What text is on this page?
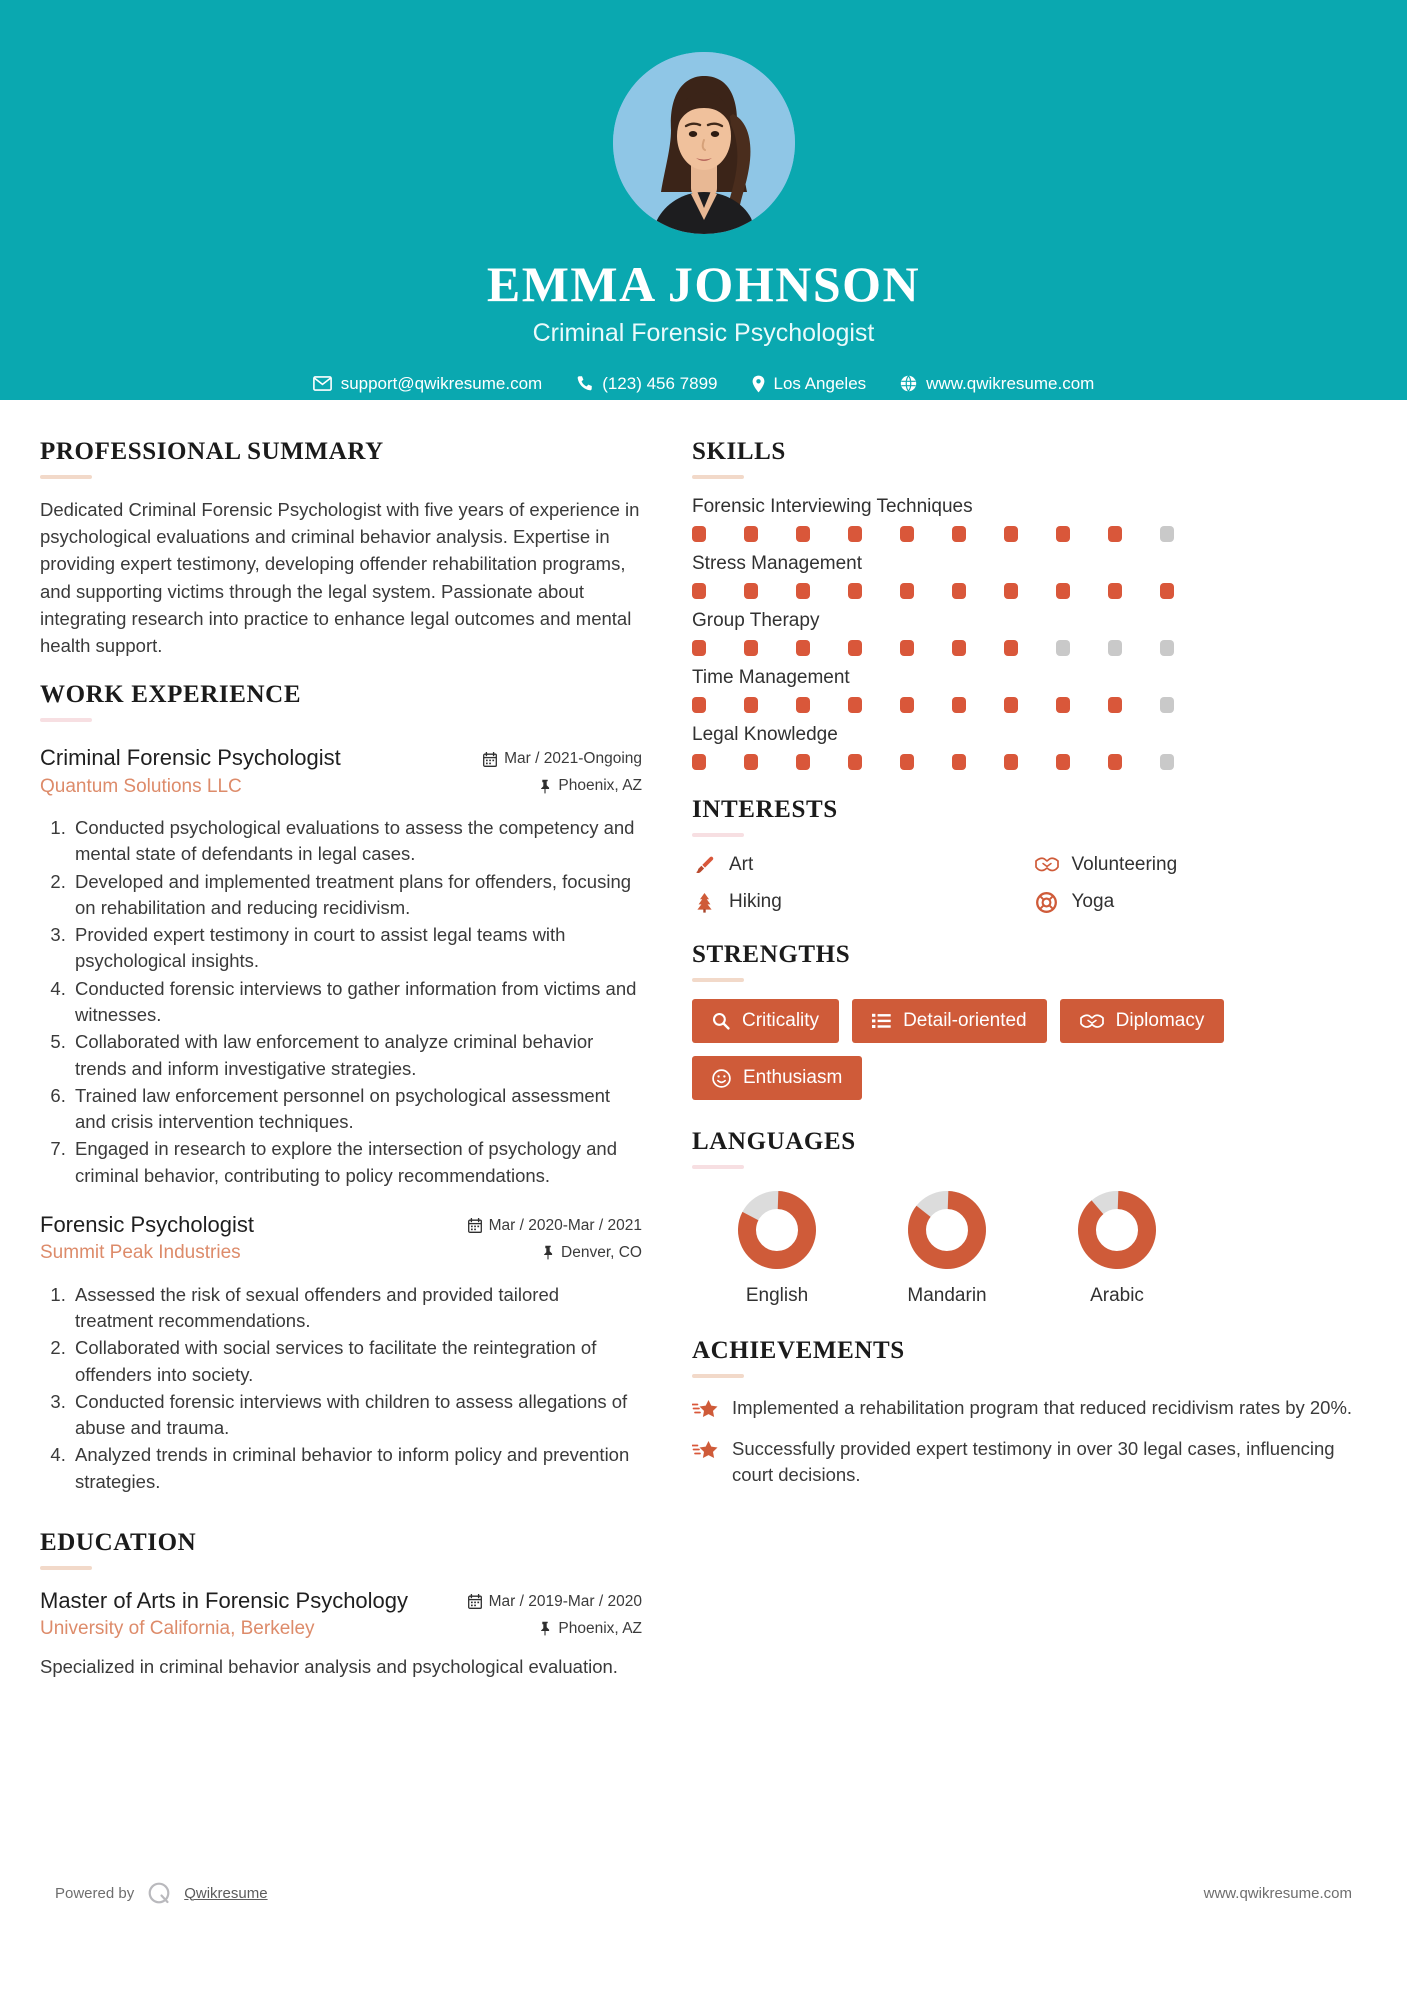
EMMA JOHNSON
Criminal Forensic Psychologist
support@qwikresume.com	(123) 456 7899	Los Angeles	www.qwikresume.com
PROFESSIONAL SUMMARY
Dedicated Criminal Forensic Psychologist with five years of experience in psychological evaluations and criminal behavior analysis. Expertise in providing expert testimony, developing offender rehabilitation programs, and supporting victims through the legal system. Passionate about integrating research into practice to enhance legal outcomes and mental health support.
WORK EXPERIENCE
Criminal Forensic Psychologist
Quantum Solutions LLC
Mar / 2021-Ongoing
Phoenix, AZ
1. Conducted psychological evaluations to assess the competency and mental state of defendants in legal cases.
2. Developed and implemented treatment plans for offenders, focusing on rehabilitation and reducing recidivism.
3. Provided expert testimony in court to assist legal teams with psychological insights.
4. Conducted forensic interviews to gather information from victims and witnesses.
5. Collaborated with law enforcement to analyze criminal behavior trends and inform investigative strategies.
6. Trained law enforcement personnel on psychological assessment and crisis intervention techniques.
7. Engaged in research to explore the intersection of psychology and criminal behavior, contributing to policy recommendations.
Forensic Psychologist
Summit Peak Industries
Mar / 2020-Mar / 2021
Denver, CO
1. Assessed the risk of sexual offenders and provided tailored treatment recommendations.
2. Collaborated with social services to facilitate the reintegration of offenders into society.
3. Conducted forensic interviews with children to assess allegations of abuse and trauma.
4. Analyzed trends in criminal behavior to inform policy and prevention strategies.
EDUCATION
Master of Arts in Forensic Psychology
University of California, Berkeley
Mar / 2019-Mar / 2020
Phoenix, AZ
Specialized in criminal behavior analysis and psychological evaluation.
SKILLS
Forensic Interviewing Techniques
Stress Management
Group Therapy
Time Management
Legal Knowledge
INTERESTS
Art	Volunteering
Hiking	Yoga
STRENGTHS
Criticality	Detail-oriented	Diplomacy
Enthusiasm
LANGUAGES
English	Mandarin	Arabic
ACHIEVEMENTS
Implemented a rehabilitation program that reduced recidivism rates by 20%.
Successfully provided expert testimony in over 30 legal cases, influencing court decisions.
Powered by	Qwikresume	www.qwikresume.com
